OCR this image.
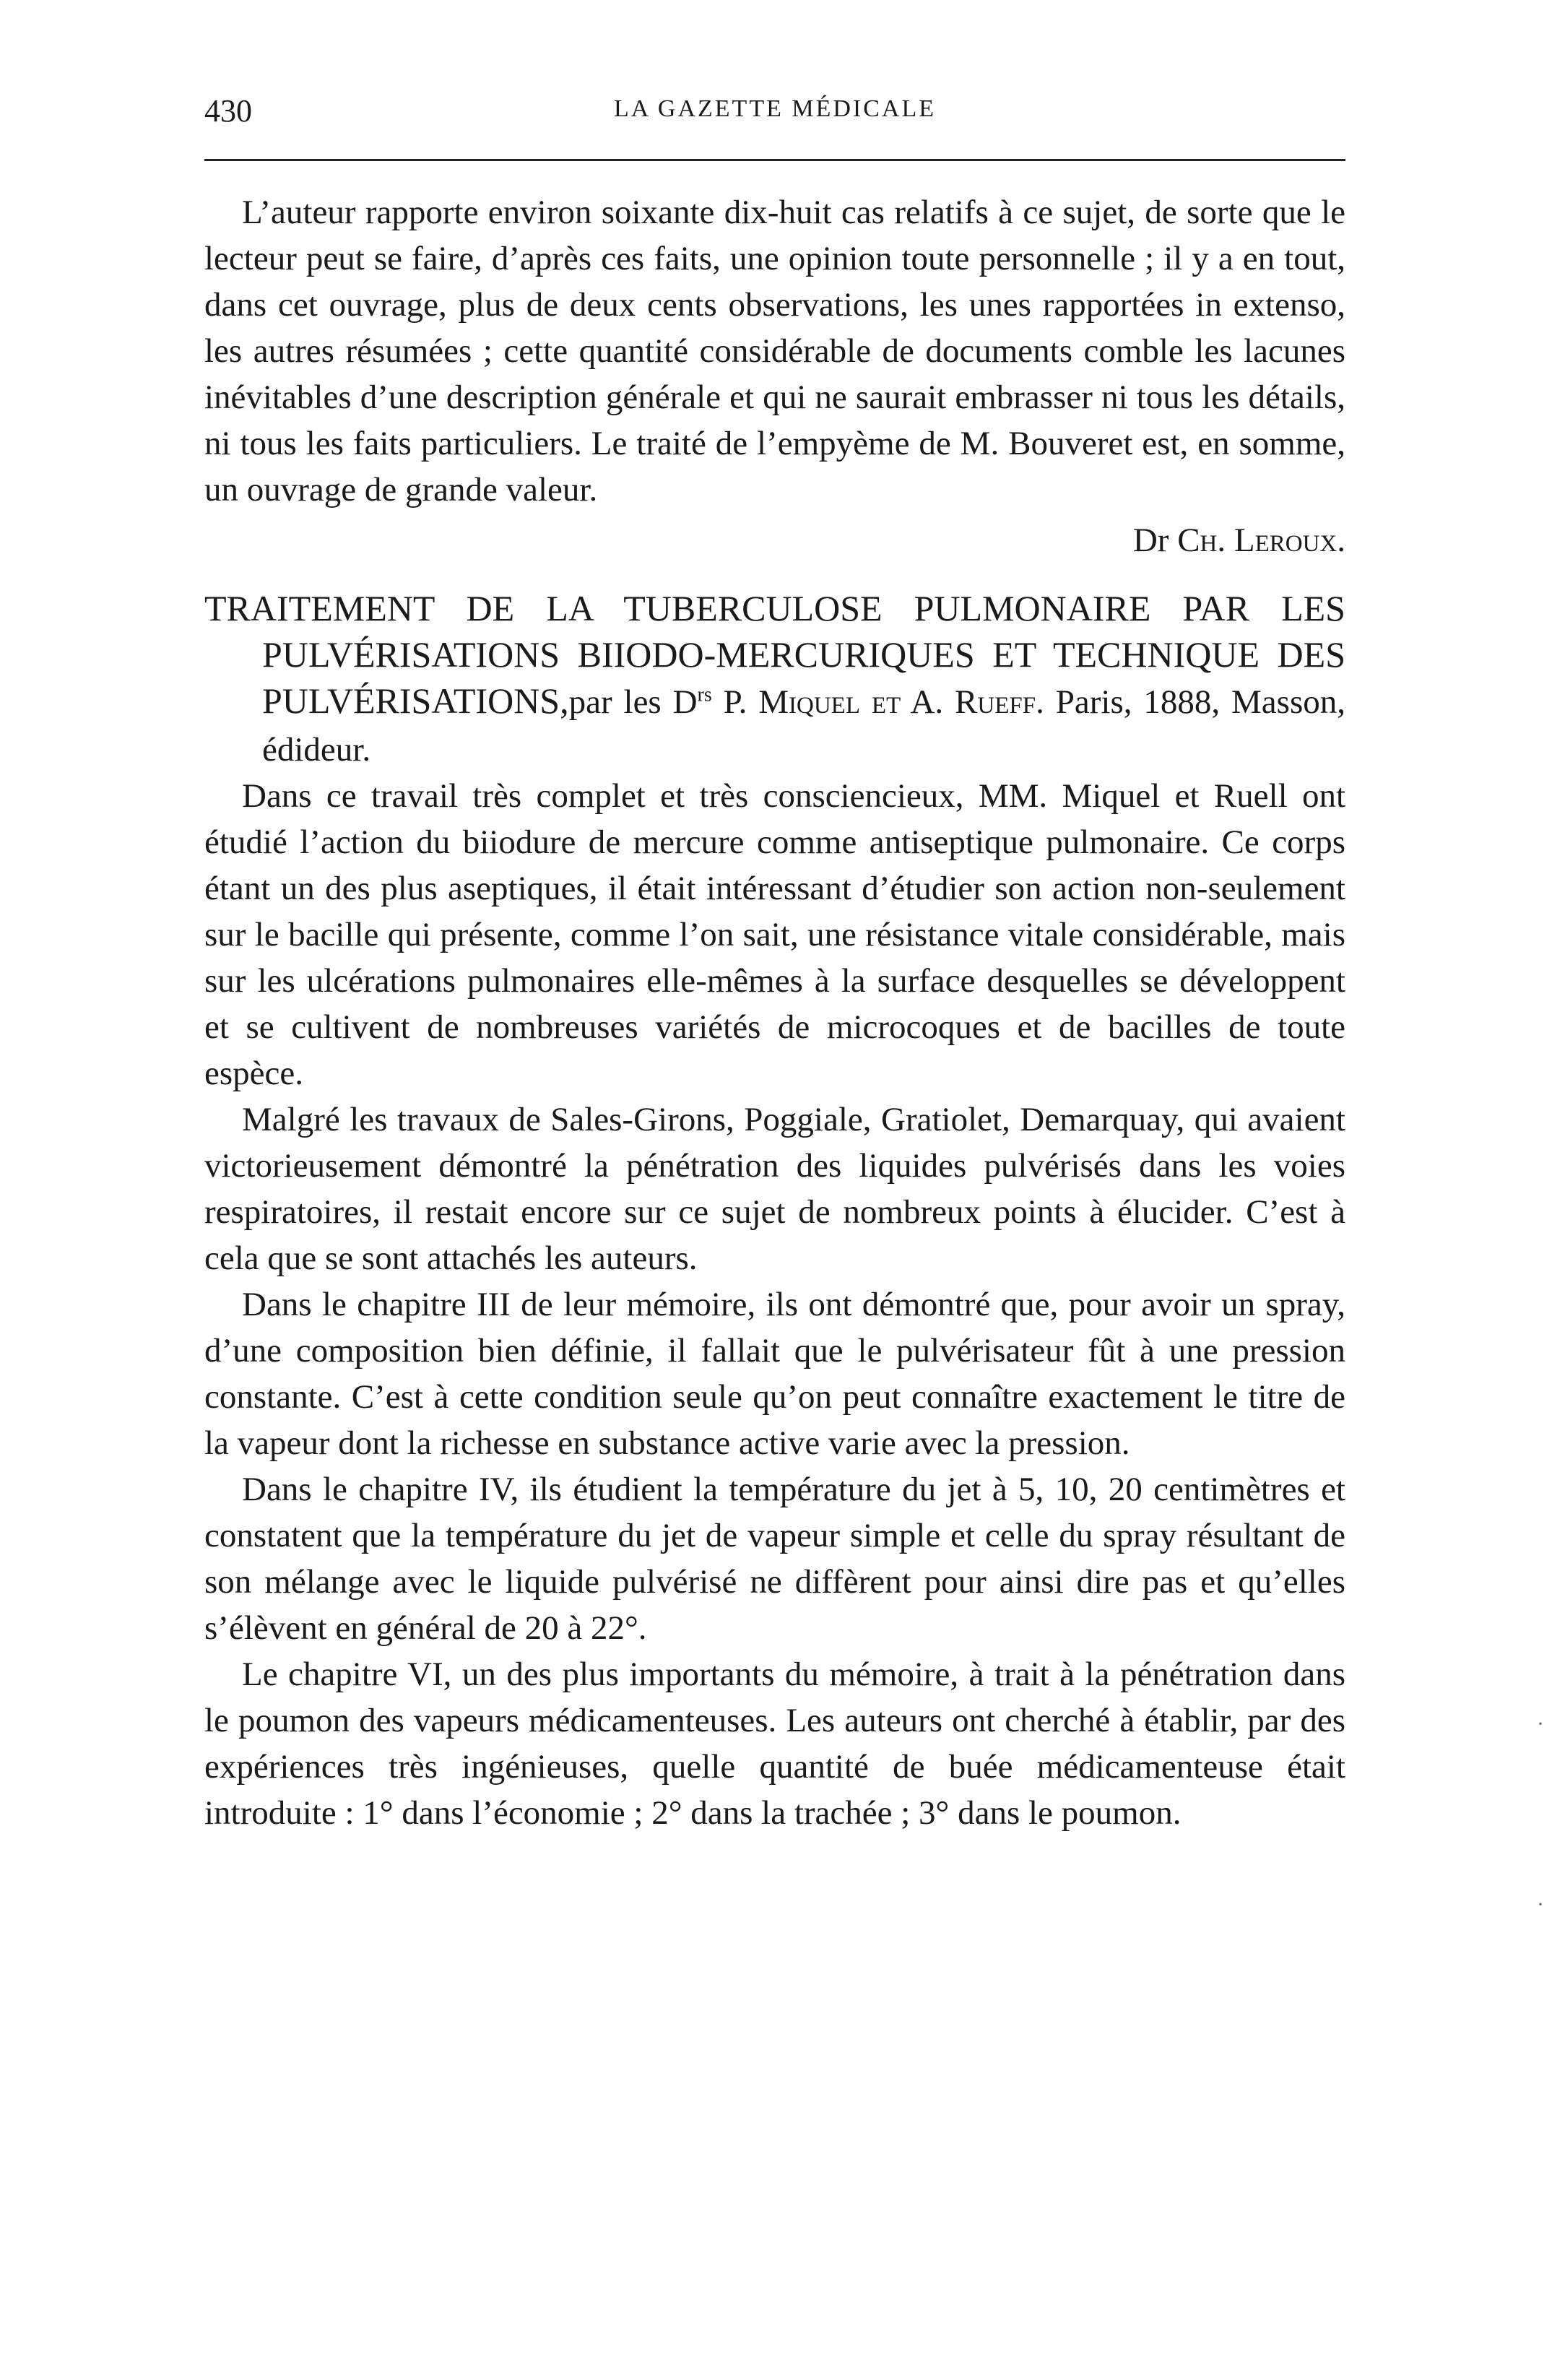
430	LA GAZETTE MÉDICALE

L’auteur rapporte environ soixante dix-huit cas relatifs à ce sujet, de sorte que le lecteur peut se faire, d’après ces faits, une opinion toute personnelle ; il y a en tout, dans cet ouvrage, plus de deux cents observations, les unes rapportées in extenso, les autres résumées ; cette quantité considérable de documents comble les lacunes inévitables d’une description générale et qui ne saurait embrasser ni tous les détails, ni tous les faits particuliers. Le traité de l’empyème de M. Bouveret est, en somme, un ouvrage de grande valeur.

Dr Ch. Leroux.

TRAITEMENT DE LA TUBERCULOSE PULMONAIRE PAR LES PULVÉRISATIONS BIIODO-MERCURIQUES ET TECHNIQUE DES PULVÉRISATIONS,par les $D^{rs}$ P. Miquel et A. Rueff. Paris, 1888, Masson, édideur.

Dans ce travail très complet et très consciencieux, MM. Miquel et Ruell ont étudié l’action du biiodure de mercure comme antiseptique pulmonaire. Ce corps étant un des plus aseptiques, il était intéressant d’étudier son action non-seulement sur le bacille qui présente, comme l’on sait, une résistance vitale considérable, mais sur les ulcérations pulmonaires elle-mêmes à la surface desquelles se développent et se cultivent de nombreuses variétés de microcoques et de bacilles de toute espèce.

Malgré les travaux de Sales-Girons, Poggiale, Gratiolet, Demarquay, qui avaient victorieusement démontré la pénétration des liquides pulvérisés dans les voies respiratoires, il restait encore sur ce sujet de nombreux points à élucider. C’est à cela que se sont attachés les auteurs.

Dans le chapitre III de leur mémoire, ils ont démontré que, pour avoir un spray, d’une composition bien définie, il fallait que le pulvérisateur fût à une pression constante. C’est à cette condition seule qu’on peut connaître exactement le titre de la vapeur dont la richesse en substance active varie avec la pression.

Dans le chapitre IV, ils étudient la température du jet à 5, 10, 20 centimètres et constatent que la température du jet de vapeur simple et celle du spray résultant de son mélange avec le liquide pulvérisé ne diffèrent pour ainsi dire pas et qu’elles s’élèvent en général de 20 à 22°.

Le chapitre VI, un des plus importants du mémoire, à trait à la pénétration dans le poumon des vapeurs médicamenteuses. Les auteurs ont cherché à établir, par des expériences très ingénieuses, quelle quantité de buée médicamenteuse était introduite : 1° dans l’économie ; 2° dans la trachée ; 3° dans le poumon.

·
·
